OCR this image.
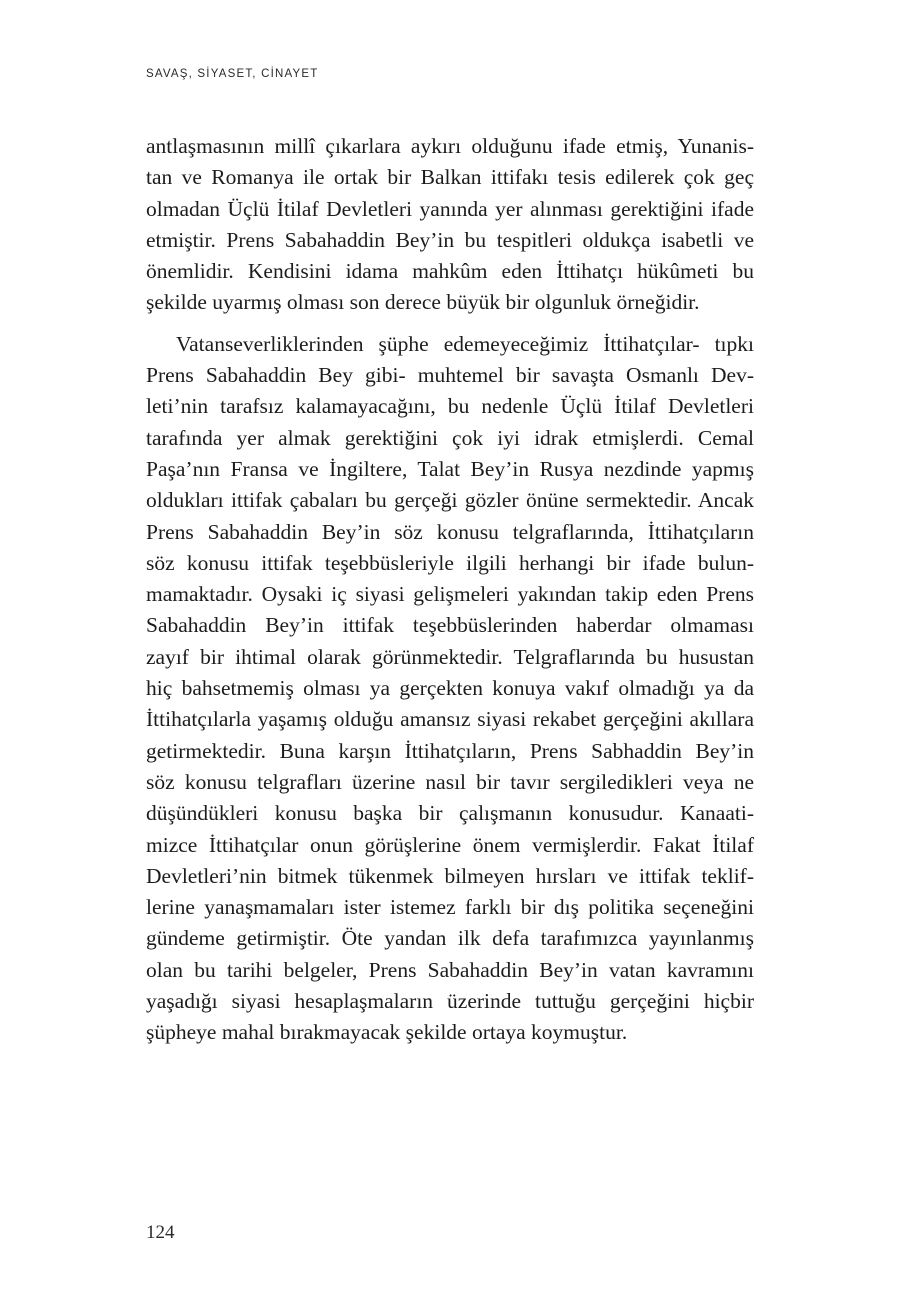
SAVAŞ, SİYASET, CİNAYET
antlaşmasının millî çıkarlara aykırı olduğunu ifade etmiş, Yunanis-
tan ve Romanya ile ortak bir Balkan ittifakı tesis edilerek çok geç
olmadan Üçlü İtilaf Devletleri yanında yer alınması gerektiğini ifade
etmiştir. Prens Sabahaddin Bey’in bu tespitleri oldukça isabetli ve
önemlidir. Kendisini idama mahkûm eden İttihatçı hükûmeti bu
şekilde uyarmış olması son derece büyük bir olgunluk örneğidir.
Vatanseverliklerinden şüphe edemeyeceğimiz İttihatçılar- tıpkı
Prens Sabahaddin Bey gibi- muhtemel bir savaşta Osmanlı Dev-
leti’nin tarafsız kalamayacağını, bu nedenle Üçlü İtilaf Devletleri
tarafında yer almak gerektiğini çok iyi idrak etmişlerdi. Cemal
Paşa’nın Fransa ve İngiltere, Talat Bey’in Rusya nezdinde yapmış
oldukları ittifak çabaları bu gerçeği gözler önüne sermektedir. Ancak
Prens Sabahaddin Bey’in söz konusu telgraflarında, İttihatçıların
söz konusu ittifak teşebbüsleriyle ilgili herhangi bir ifade bulun-
mamaktadır. Oysaki iç siyasi gelişmeleri yakından takip eden Prens
Sabahaddin Bey’in ittifak teşebbüslerinden haberdar olmaması
zayıf bir ihtimal olarak görünmektedir. Telgraflarında bu husustan
hiç bahsetmemiş olması ya gerçekten konuya vakıf olmadığı ya da
İttihatçılarla yaşamış olduğu amansız siyasi rekabet gerçeğini akıllara
getirmektedir. Buna karşın İttihatçıların, Prens Sabhaddin Bey’in
söz konusu telgrafları üzerine nasıl bir tavır sergiledikleri veya ne
düşündükleri konusu başka bir çalışmanın konusudur. Kanaati-
mizce İttihatçılar onun görüşlerine önem vermişlerdir. Fakat İtilaf
Devletleri’nin bitmek tükenmek bilmeyen hırsları ve ittifak teklif-
lerine yanaşmamaları ister istemez farklı bir dış politika seçeneğini
gündeme getirmiştir. Öte yandan ilk defa tarafımızca yayınlanmış
olan bu tarihi belgeler, Prens Sabahaddin Bey’in vatan kavramını
yaşadığı siyasi hesaplaşmaların üzerinde tuttuğu gerçeğini hiçbir
şüpheye mahal bırakmayacak şekilde ortaya koymuştur.
124
